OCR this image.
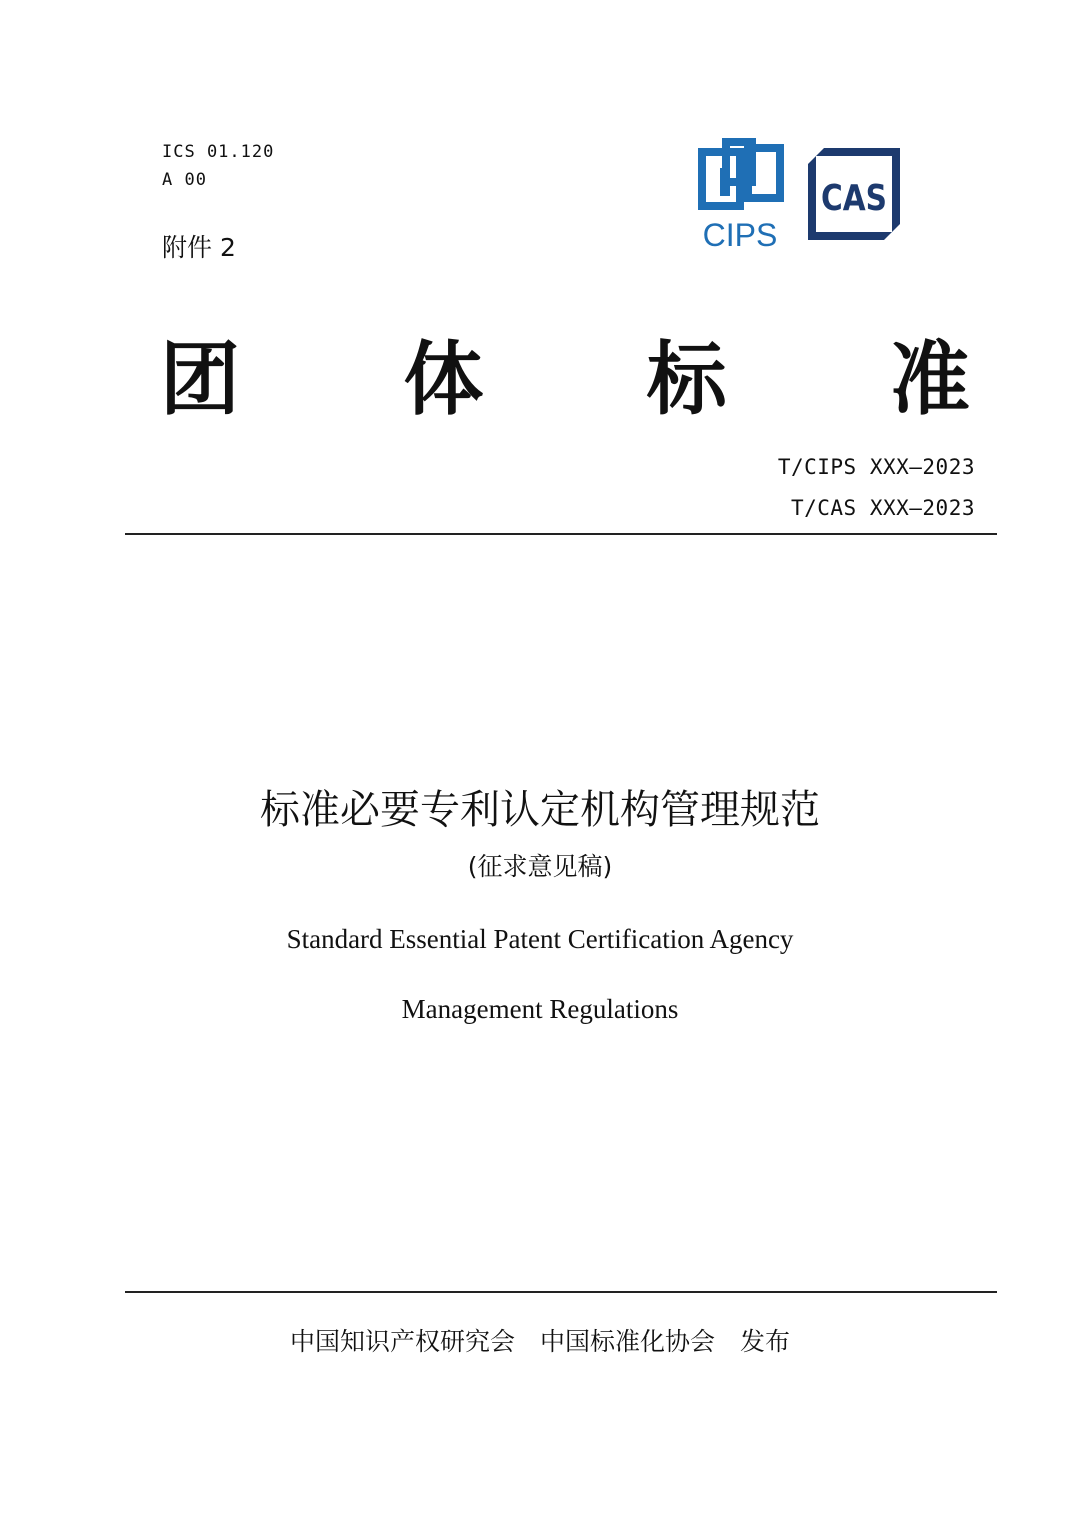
ICS 01.120
A 00
附件 2	CIPS
CAS
团 体 标 准
T/CIPS XXX—2023
T/CAS XXX—2023
标准必要专利认定机构管理规范
(征求意见稿)
Standard Essential Patent Certification Agency
Management Regulations
中国知识产权研究会　中国标准化协会　发布
